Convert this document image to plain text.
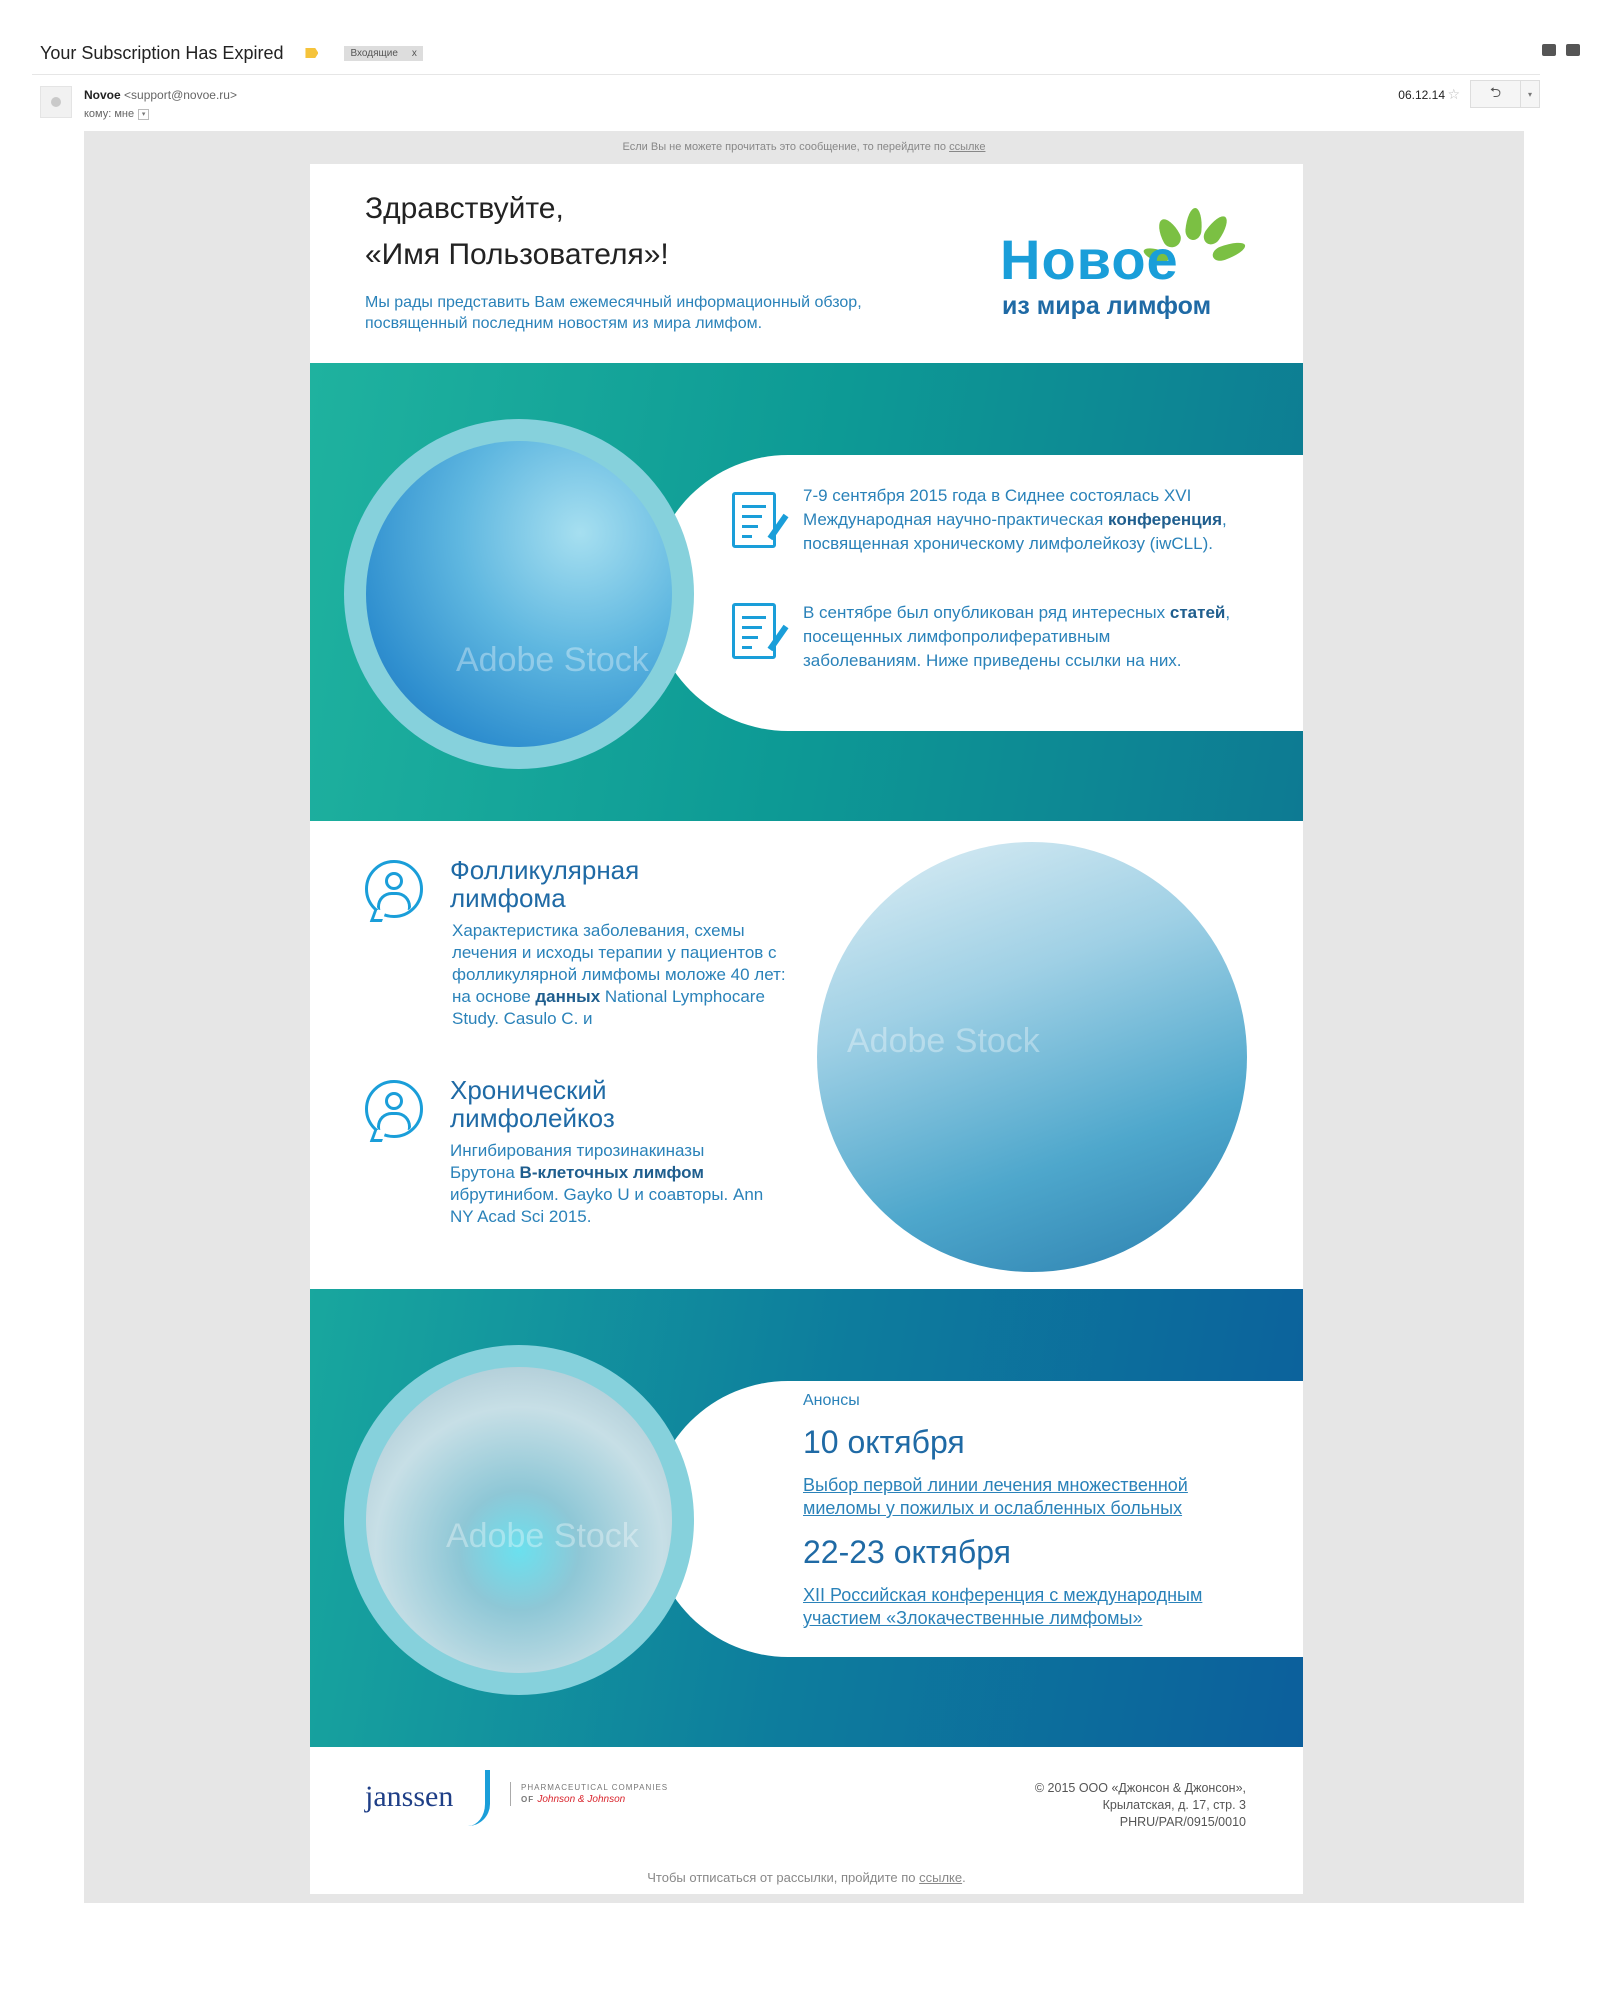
Your Subscription Has Expired	Входящие x
Novoe <support@novoe.ru>
кому: мне	▾
06.12.14 ☆	⮌	▾
Если Вы не можете прочитать это сообщение, то перейдите по ссылке
Здравствуйте,
«Имя Пользователя»!
Мы рады представить Вам ежемесячный информационный обзор, посвященный последним новостям из мира лимфом.
Новое
из мира лимфом
Adobe Stock
7-9 сентября 2015 года в Сиднее состоялась XVI Международная научно-практическая конференция, посвященная хроническому лимфолейкозу (iwCLL).
В сентябре был опубликован ряд интересных статей, посещенных лимфопролиферативным заболеваниям. Ниже приведены ссылки на них.
Фолликулярная лимфома
Характеристика заболевания, схемы лечения и исходы терапии у пациентов с фолликулярной лимфомы моложе 40 лет: на основе данных National Lymphocare Study. Casulo C. и
Хронический лимфолейкоз
Ингибирования тирозинакиназы Брутона B-клеточных лимфом ибрутинибом. Gayko U и соавторы. Ann NY Acad Sci 2015.
Adobe Stock
Adobe Stock
Анонсы
10 октября
Выбор первой линии лечения множественной миеломы у пожилых и ослабленных больных
22-23 октября
XII Российская конференция с международным участием «Злокачественные лимфомы»
janssen	PHARMACEUTICAL COMPANIES
OF Johnson & Johnson
© 2015 ООО «Джонсон & Джонсон»,
Крылатская, д. 17, стр. 3
PHRU/PAR/0915/0010
Чтобы отписаться от рассылки, пройдите по ссылке.
